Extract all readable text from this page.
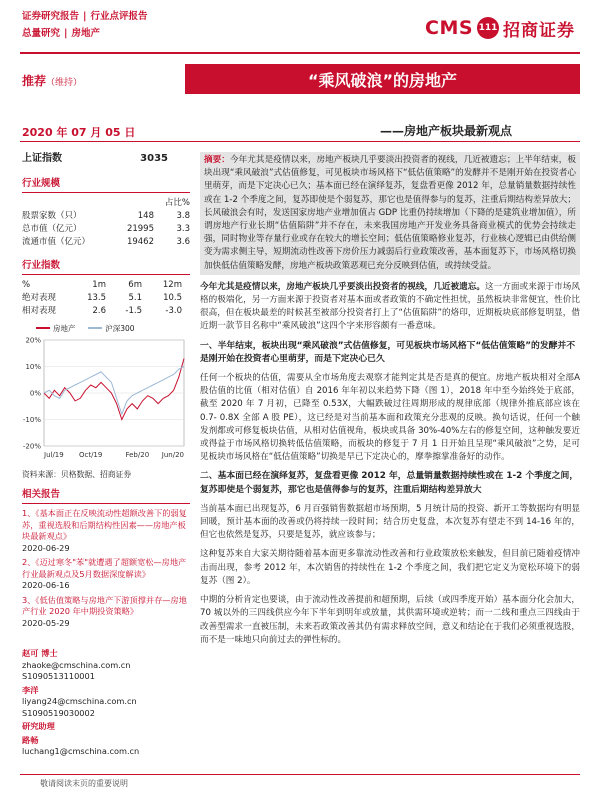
证券研究报告 | 行业点评报告
总量研究 | 房地产	CMS 111 招商证券
推荐（维持）	“乘风破浪”的房地产
2020 年 07 月 05 日	——房地产板块最新观点
上证指数	3035
行业规模
占比%
股票家数（只）	148	3.8
总市值（亿元）	21995	3.3
流通市值（亿元）	19462	3.6
行业指数
%	1m	6m	12m
绝对表现	13.5	5.1	10.5
相对表现	2.6	-1.5	-3.0
房地产
	沪深300
20%
10%
0%
-10%
-20%
Jul/19 Oct/19	Feb/20 Jun/20
资料来源：贝格数据、招商证券
相关报告

1、《基本面正在反映流动性超额改善下的弱复苏，重视选股和后期结构性因素——房地产板块最新观点》
2020-06-29

2、《迈过寒冬"苯"就遭遇了超额宽松—房地产行业最新观点及5月数据深度解读》
2020-06-16

3、《低估值策略与房地产下游顶撑并存—房地产行业 2020 年中期投资策略》
2020-05-29

赵可 博士
zhaoke@cmschina.com.cn
S1090513110001
李洋
liyang24@cmschina.com.cn
S1090519030002
研究助理
路畅
luchang1@cmschina.com.cn

摘要：今年尤其是疫情以来，房地产板块几乎要淡出投资者的视线，几近被遗忘；上半年结束，板块出现“乘风破浪”式估值修复，可见板块市场风格下“低估值策略”的发酵并不是刚开始在投资者心里萌芽，而是下定决心已久；基本面已经在演绎复苏，复盘看更像 2012 年，总量销量数据持续性或在 1-2 个季度之间，复苏即使是个弱复苏，那它也是值得参与的复苏，注重后期结构差异放大；长风破浪会有时，发送国家房地产业增加值占 GDP 比重仍持续增加（下降的是建筑业增加值），所谓房地产行业长期“估值陷阱”并不存在，未来我国房地产开发业务具备商业模式的优势会持续走强，同时物业等存量行业或存在较大的增长空间；低估值策略修业复苏，行业核心逻辑已由供给侧变为需求侧主导，短期流动性改善下房价压力减弱后行业政策改善，基本面复苏下，市场风格切换加快低估值策略发酵，房地产板块政策恶观已充分反映到估值，或持续受益。

今年尤其是疫情以来，房地产板块几乎要淡出投资者的视线，几近被遗忘。这一方面或来源于市场风格的极端化，另一方面来源于投资者对基本面或者政策的不确定性担忧，虽然板块非常便宜，性价比很高，但在板块最差的时候甚至被部分投资者打上了“估值陷阱”的烙印，近期板块底部修复明显，借近期一款节目名称中“乘风破浪”这四个字来形容颇有一番意味。

一、半年结束，板块出现“乘风破浪”式估值修复，可见板块市场风格下“低估值策略”的发酵并不是刚开始在投资者心里萌芽，而是下定决心已久

任何一个板块的估值，需要从全市场角度去观察才能判定其是否是真的便宜。房地产板块相对全部A股估值的比值（相对估值）自 2016 年年初以来趋势下降（图 1），2018 年中至今始终处于底部，截至 2020 年 7 月初，已降至 0.53X，大幅跌破过往周期形成的规律底部（规律外推底部应该在 0.7- 0.8X 全部 A 股 PE），这已经是对当前基本面和政策充分悲观的反映。换句话说，任何一个触发剂都或可修复板块估值，从相对估值视角，板块或具备 30%-40%左右的修复空间，这种触发要近或得益于市场风格切换转低估值策略，而板块的修复于 7 月 1 日开始且呈现“乘风破浪”之势，足可见板块市场风格在“低估值策略”切换是早已下定决心的，摩拳擦掌准备好的动作。

二、基本面已经在演绎复苏，复盘看更像 2012 年，总量销量数据持续性或在 1-2 个季度之间，复苏即使是个弱复苏，那它也是值得参与的复苏，注重后期结构差异放大

当前基本面已出现复苏，6 月百强销售数据超市场预期，5 月统计局的投资、新开工等数据均有明显回暖，预计基本面的改善或仍将持续一段时间；结合历史复盘，本次复苏有望走不到 14-16 年的，但它也依然是复苏，只要是复苏，就应该参与；

这种复苏来自大家关期待随着基本面更多靠流动性改善和行业政策放松来触发，但目前已随着疫情冲击而出现，参考 2012 年，本次销售的持续性在 1-2 个季度之间，我们把它定义为宽松环境下的弱复苏（图 2）。

中期的分析肯定也要谈，由于流动性改善提前和超预期，后续（或四季度开始）基本面分化会加大，70 城以外的三四线供应今年下半年到明年或放量，其供需环境或逆转；而一二线和重点三四线由于改善型需求一直被压制，未来若政策改善其仍有需求释放空间，意义和结论在于我们必须重视选股，而不是一味地只向前过去的弹性标的。

敬请阅读末页的重要说明
